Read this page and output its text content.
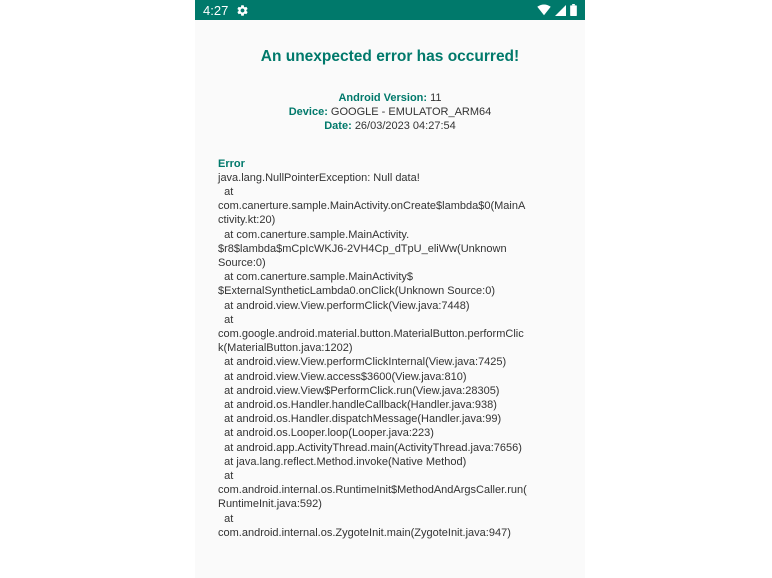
4:27
An unexpected error has occurred!
Android Version: 11
Device: GOOGLE - EMULATOR_ARM64
Date: 26/03/2023 04:27:54
Error
java.lang.NullPointerException: Null data!
at
com.canerture.sample.MainActivity.onCreate$lambda$0(MainA
ctivity.kt:20)
at com.canerture.sample.MainActivity.
$r8$lambda$mCpIcWKJ6-2VH4Cp_dTpU_eliWw(Unknown
Source:0)
at com.canerture.sample.MainActivity$
$ExternalSyntheticLambda0.onClick(Unknown Source:0)
at android.view.View.performClick(View.java:7448)
at
com.google.android.material.button.MaterialButton.performClic
k(MaterialButton.java:1202)
at android.view.View.performClickInternal(View.java:7425)
at android.view.View.access$3600(View.java:810)
at android.view.View$PerformClick.run(View.java:28305)
at android.os.Handler.handleCallback(Handler.java:938)
at android.os.Handler.dispatchMessage(Handler.java:99)
at android.os.Looper.loop(Looper.java:223)
at android.app.ActivityThread.main(ActivityThread.java:7656)
at java.lang.reflect.Method.invoke(Native Method)
at
com.android.internal.os.RuntimeInit$MethodAndArgsCaller.run(
RuntimeInit.java:592)
at
com.android.internal.os.ZygoteInit.main(ZygoteInit.java:947)
